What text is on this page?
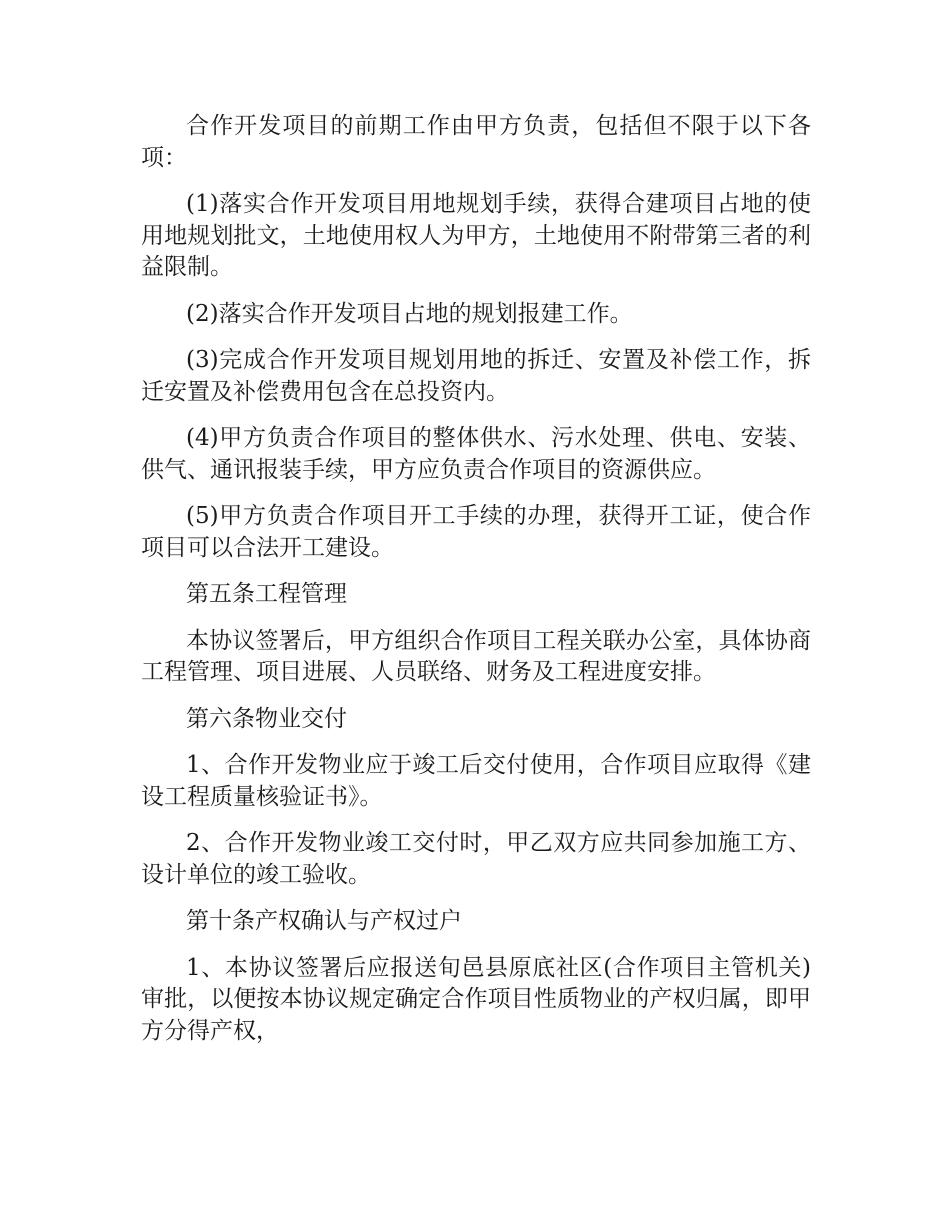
合作开发项目的前期工作由甲方负责，包括但不限于以下各项：

(1)落实合作开发项目用地规划手续，获得合建项目占地的使用地规划批文，土地使用权人为甲方，土地使用不附带第三者的利益限制。

(2)落实合作开发项目占地的规划报建工作。

(3)完成合作开发项目规划用地的拆迁、安置及补偿工作，拆迁安置及补偿费用包含在总投资内。

(4)甲方负责合作项目的整体供水、污水处理、供电、安装、供气、通讯报装手续，甲方应负责合作项目的资源供应。

(5)甲方负责合作项目开工手续的办理，获得开工证，使合作项目可以合法开工建设。

第五条工程管理

本协议签署后，甲方组织合作项目工程关联办公室，具体协商工程管理、项目进展、人员联络、财务及工程进度安排。

第六条物业交付

1、合作开发物业应于竣工后交付使用，合作项目应取得《建设工程质量核验证书》。

2、合作开发物业竣工交付时，甲乙双方应共同参加施工方、设计单位的竣工验收。

第十条产权确认与产权过户

1、本协议签署后应报送旬邑县原底社区(合作项目主管机关)审批，以便按本协议规定确定合作项目性质物业的产权归属，即甲方分得产权，
